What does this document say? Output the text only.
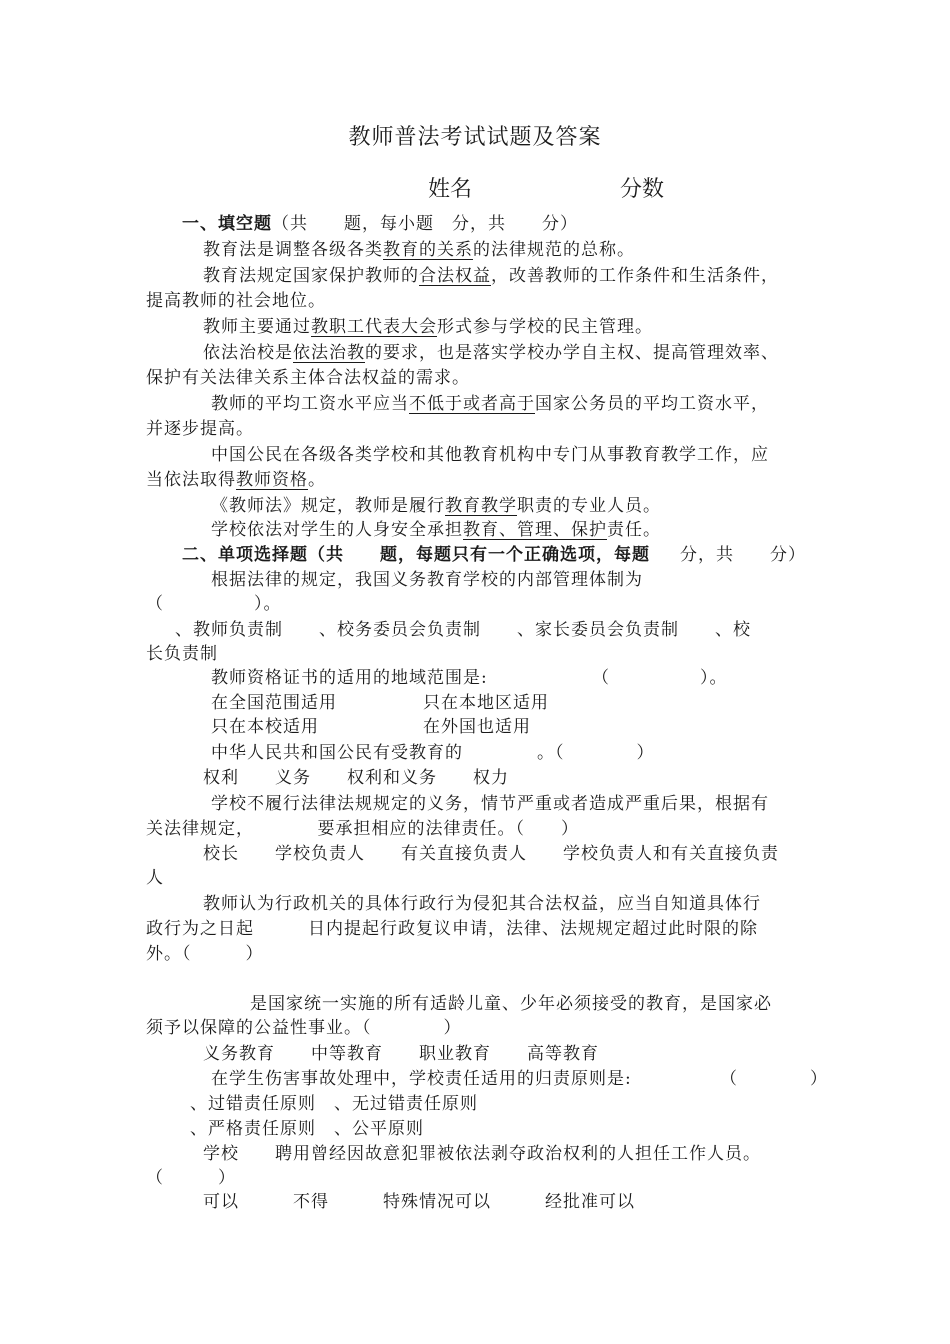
教师普法考试试题及答案
姓名	分数
一、填空题（共　　题，每小题　分，共　　分）
教育法是调整各级各类教育的关系的法律规范的总称。
教育法规定国家保护教师的合法权益，改善教师的工作条件和生活条件，
提高教师的社会地位。
教师主要通过教职工代表大会形式参与学校的民主管理。
依法治校是依法治教的要求，也是落实学校办学自主权、提高管理效率、
保护有关法律关系主体合法权益的需求。
教师的平均工资水平应当不低于或者高于国家公务员的平均工资水平，
并逐步提高。
中国公民在各级各类学校和其他教育机构中专门从事教育教学工作，应
当依法取得教师资格。
《教师法》规定，教师是履行教育教学职责的专业人员。
学校依法对学生的人身安全承担教育、管理、保护责任。
二、单项选择题（共　　题，每题只有一个正确选项，每题 分，共　　分）
根据法律的规定，我国义务教育学校的内部管理体制为
（　　　　　）。
、教师负责制　　、校务委员会负责制　　、家长委员会负责制　　、校
长负责制
教师资格证书的适用的地域范围是:	（　　　　　）。
在全国范围适用	只在本地区适用
只在本校适用	在外国也适用
中华人民共和国公民有受教育的	。（　　　　）
权利　　义务　　权利和义务　　权力
学校不履行法律法规规定的义务，情节严重或者造成严重后果，根据有
关法律规定，　　　　要承担相应的法律责任。（　　）
校长　　学校负责人　　有关直接负责人　　学校负责人和有关直接负责
人
教师认为行政机关的具体行政行为侵犯其合法权益，应当自知道具体行
政行为之日起　　　日内提起行政复议申请，法律、法规规定超过此时限的除
外。（　　　）
是国家统一实施的所有适龄儿童、少年必须接受的教育，是国家必
须予以保障的公益性事业。（　　　　）
义务教育　　中等教育　　职业教育　　高等教育
在学生伤害事故处理中，学校责任适用的归责原则是:	（　　　　）
、过错责任原则　、无过错责任原则
、严格责任原则　、公平原则
学校　　聘用曾经因故意犯罪被依法剥夺政治权利的人担任工作人员。
（　　　）
可以　　　不得　　　特殊情况可以　　　经批准可以
